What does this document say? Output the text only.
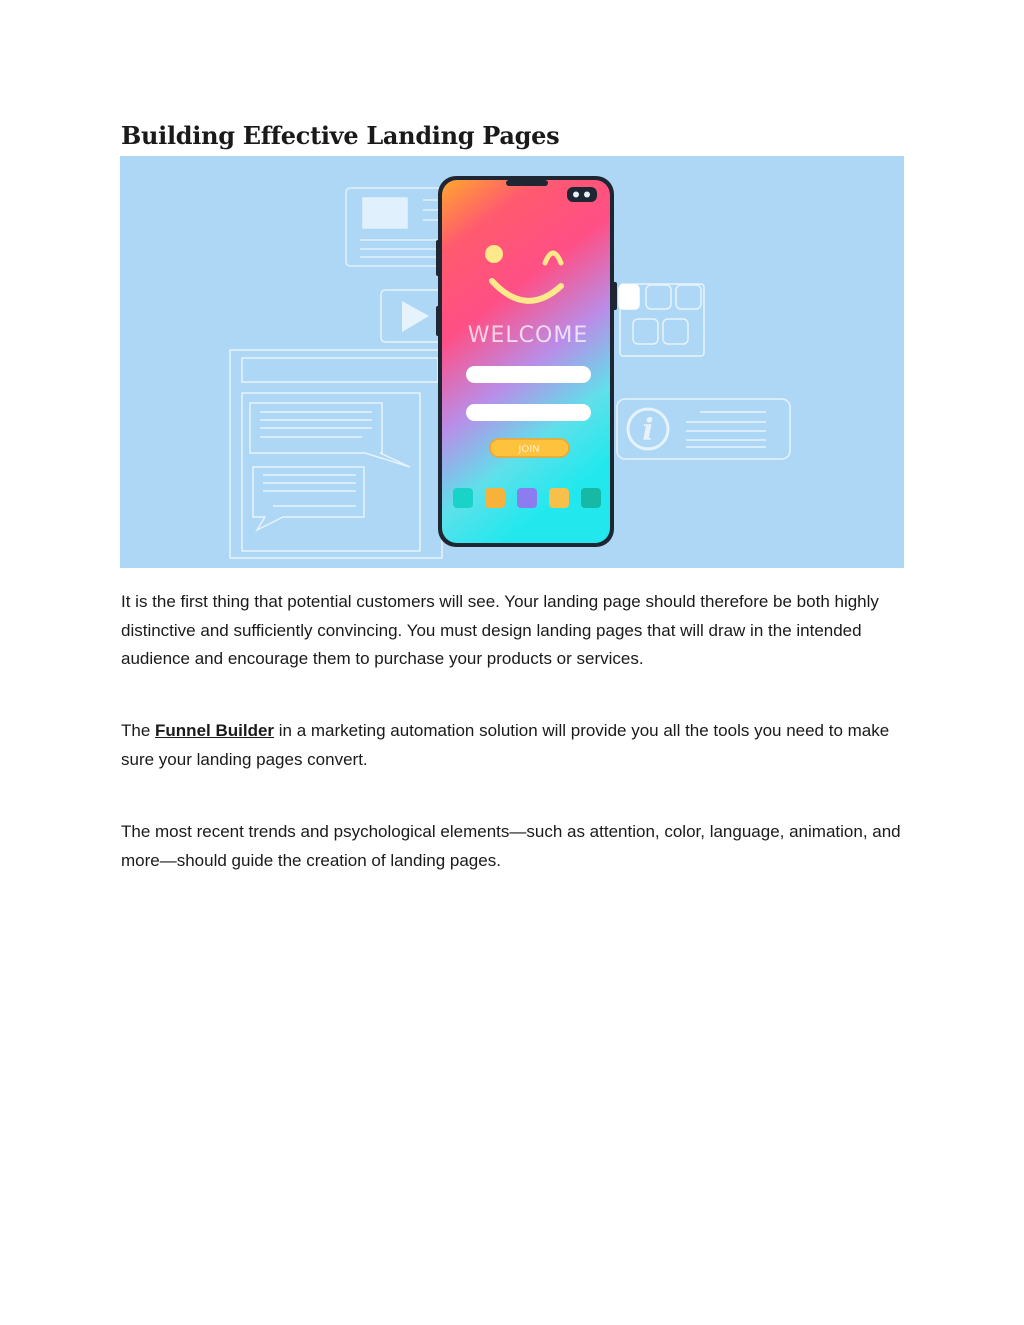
Building Effective Landing Pages
i
WELCOME
JOIN

It is the first thing that potential customers will see. Your landing page should therefore be both highly distinctive and sufficiently convincing. You must design landing pages that will draw in the intended audience and encourage them to purchase your products or services.

The Funnel Builder in a marketing automation solution will provide you all the tools you need to make sure your landing pages convert.

The most recent trends and psychological elements—such as attention, color, language, animation, and more—should guide the creation of landing pages.
